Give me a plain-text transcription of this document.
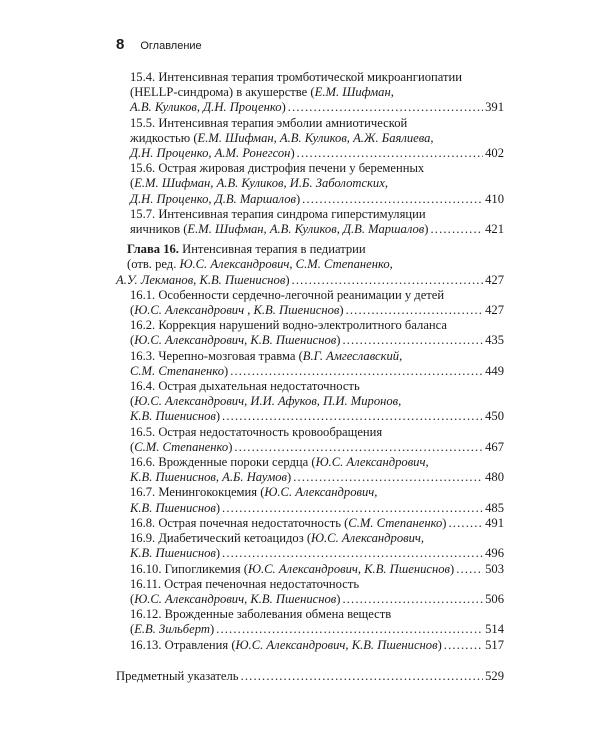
8 Оглавление
15.4. Интенсивная терапия тромботической микроангиопатии
(HELLP-синдрома) в акушерстве (Е.М. Шифман,
А.В. Куликов, Д.Н. Проценко) . . .	391
15.5. Интенсивная терапия эмболии амниотической
жидкостью (Е.М. Шифман, А.В. Куликов, А.Ж. Баялиева,
Д.Н. Проценко, А.М. Ронегсон) . . .	402
15.6. Острая жировая дистрофия печени у беременных
(Е.М. Шифман, А.В. Куликов, И.Б. Заболотских,
Д.Н. Проценко, Д.В. Маршалов) . . .	410
15.7. Интенсивная терапия синдрома гиперстимуляции
яичников (Е.М. Шифман, А.В. Куликов, Д.В. Маршалов) . . .	421
Глава 16. Интенсивная терапия в педиатрии
(отв. ред. Ю.С. Александрович, С.М. Степаненко,
А.У. Лекманов, К.В. Пшениснов) . . .	427
16.1. Особенности сердечно-легочной реанимации у детей
(Ю.С. Александрович , К.В. Пшениснов) . . .	427
16.2. Коррекция нарушений водно-электролитного баланса
(Ю.С. Александрович, К.В. Пшениснов) . . .	435
16.3. Черепно-мозговая травма (В.Г. Амгеславский,
С.М. Степаненко) . . .	449
16.4. Острая дыхательная недостаточность
(Ю.С. Александрович, И.И. Афуков, П.И. Миронов,
К.В. Пшениснов) . . .	450
16.5. Острая недостаточность кровообращения
(С.М. Степаненко) . . .	467
16.6. Врожденные пороки сердца (Ю.С. Александрович,
К.В. Пшениснов, А.Б. Наумов) . . .	480
16.7. Менингококцемия (Ю.С. Александрович,
К.В. Пшениснов) . . .	485
16.8. Острая почечная недостаточность (С.М. Степаненко) . . .	491
16.9. Диабетический кетоацидоз (Ю.С. Александрович,
К.В. Пшениснов) . . .	496
16.10. Гипогликемия (Ю.С. Александрович, К.В. Пшениснов) . . . 503
16.11. Острая печеночная недостаточность
(Ю.С. Александрович, К.В. Пшениснов) . . .	506
16.12. Врожденные заболевания обмена веществ
(Е.В. Зильберт) . . .	514
16.13. Отравления (Ю.С. Александрович, К.В. Пшениснов) . . .	517
Предметный указатель . . .	529
